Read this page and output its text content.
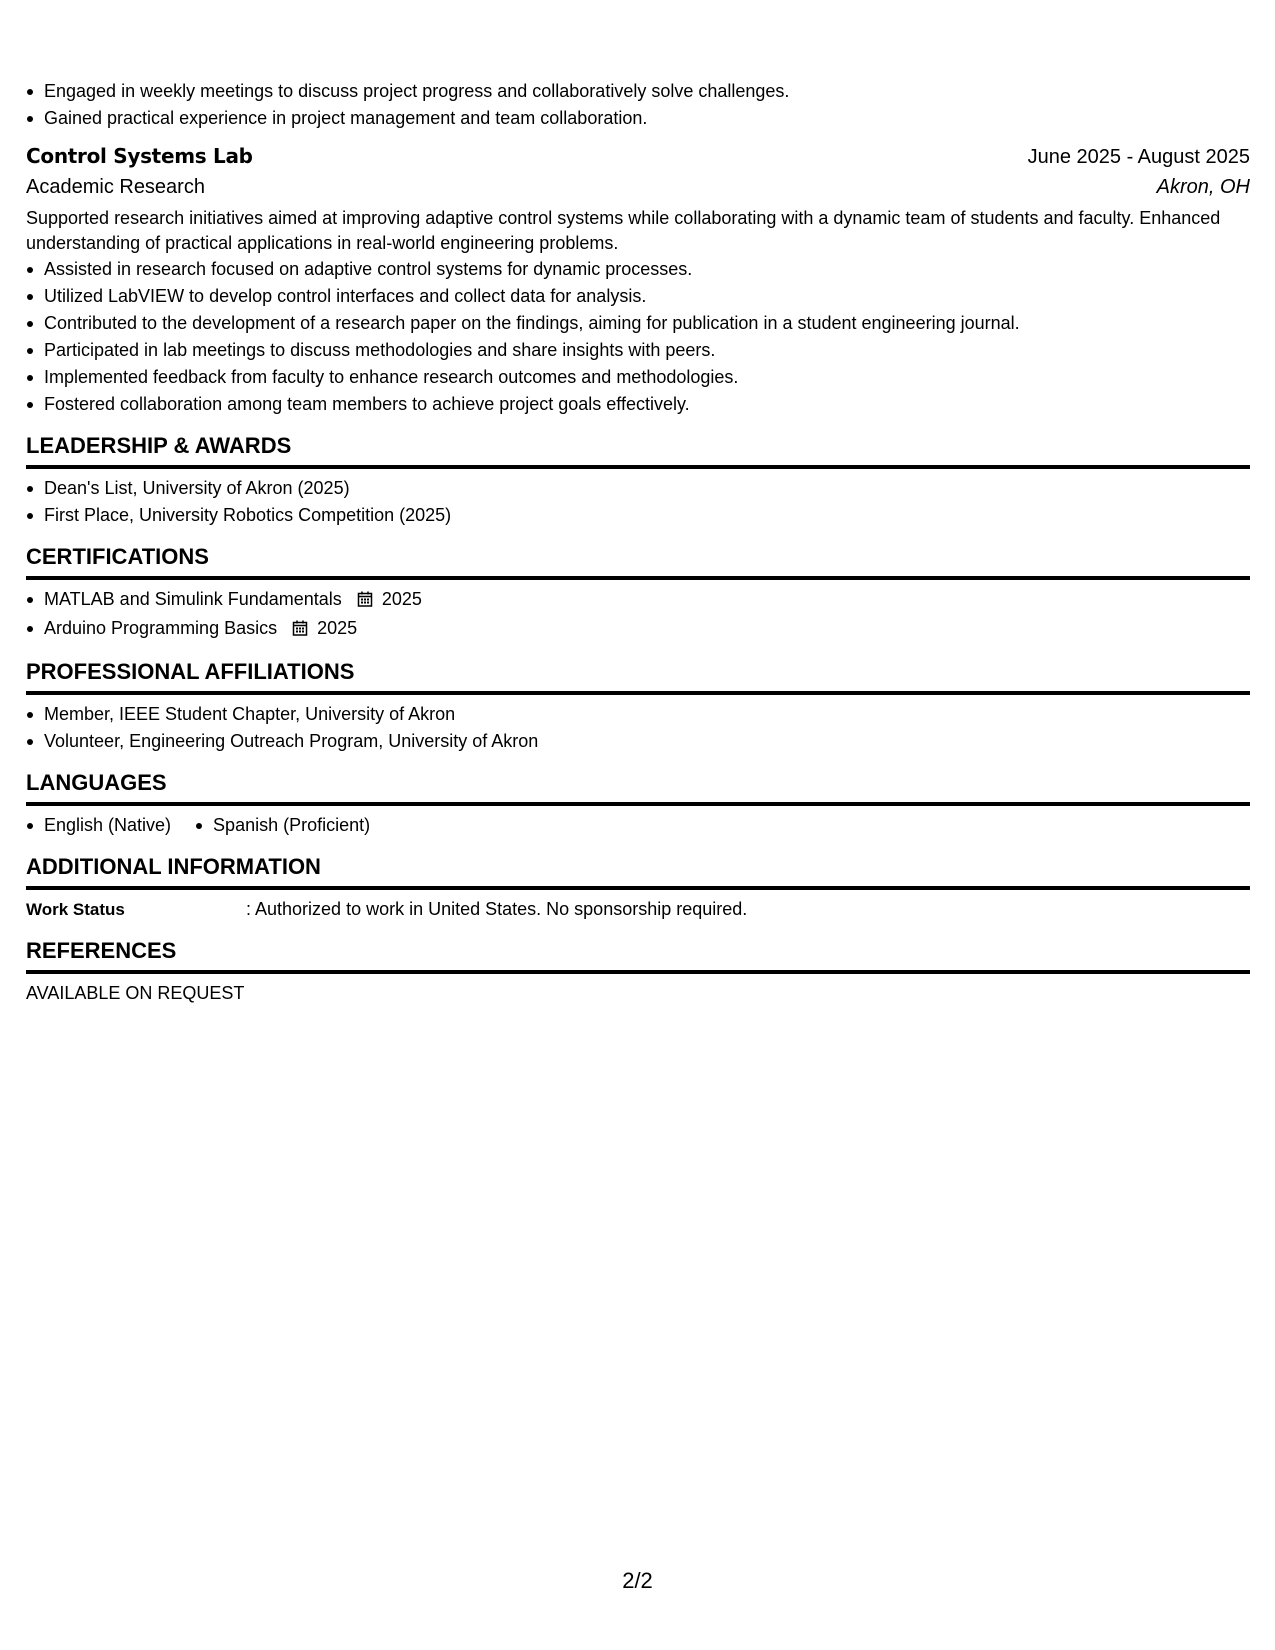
Engaged in weekly meetings to discuss project progress and collaboratively solve challenges.
Gained practical experience in project management and team collaboration.
Control Systems Lab	June 2025 - August 2025
Academic Research	Akron, OH
Supported research initiatives aimed at improving adaptive control systems while collaborating with a dynamic team of students and faculty. Enhanced understanding of practical applications in real-world engineering problems.
Assisted in research focused on adaptive control systems for dynamic processes.
Utilized LabVIEW to develop control interfaces and collect data for analysis.
Contributed to the development of a research paper on the findings, aiming for publication in a student engineering journal.
Participated in lab meetings to discuss methodologies and share insights with peers.
Implemented feedback from faculty to enhance research outcomes and methodologies.
Fostered collaboration among team members to achieve project goals effectively.
LEADERSHIP & AWARDS
Dean's List, University of Akron (2025)
First Place, University Robotics Competition (2025)
CERTIFICATIONS
MATLAB and Simulink Fundamentals 2025
Arduino Programming Basics 2025
PROFESSIONAL AFFILIATIONS
Member, IEEE Student Chapter, University of Akron
Volunteer, Engineering Outreach Program, University of Akron
LANGUAGES
English (Native)	Spanish (Proficient)
ADDITIONAL INFORMATION
Work Status	: Authorized to work in United States. No sponsorship required.
REFERENCES
AVAILABLE ON REQUEST
2/2
